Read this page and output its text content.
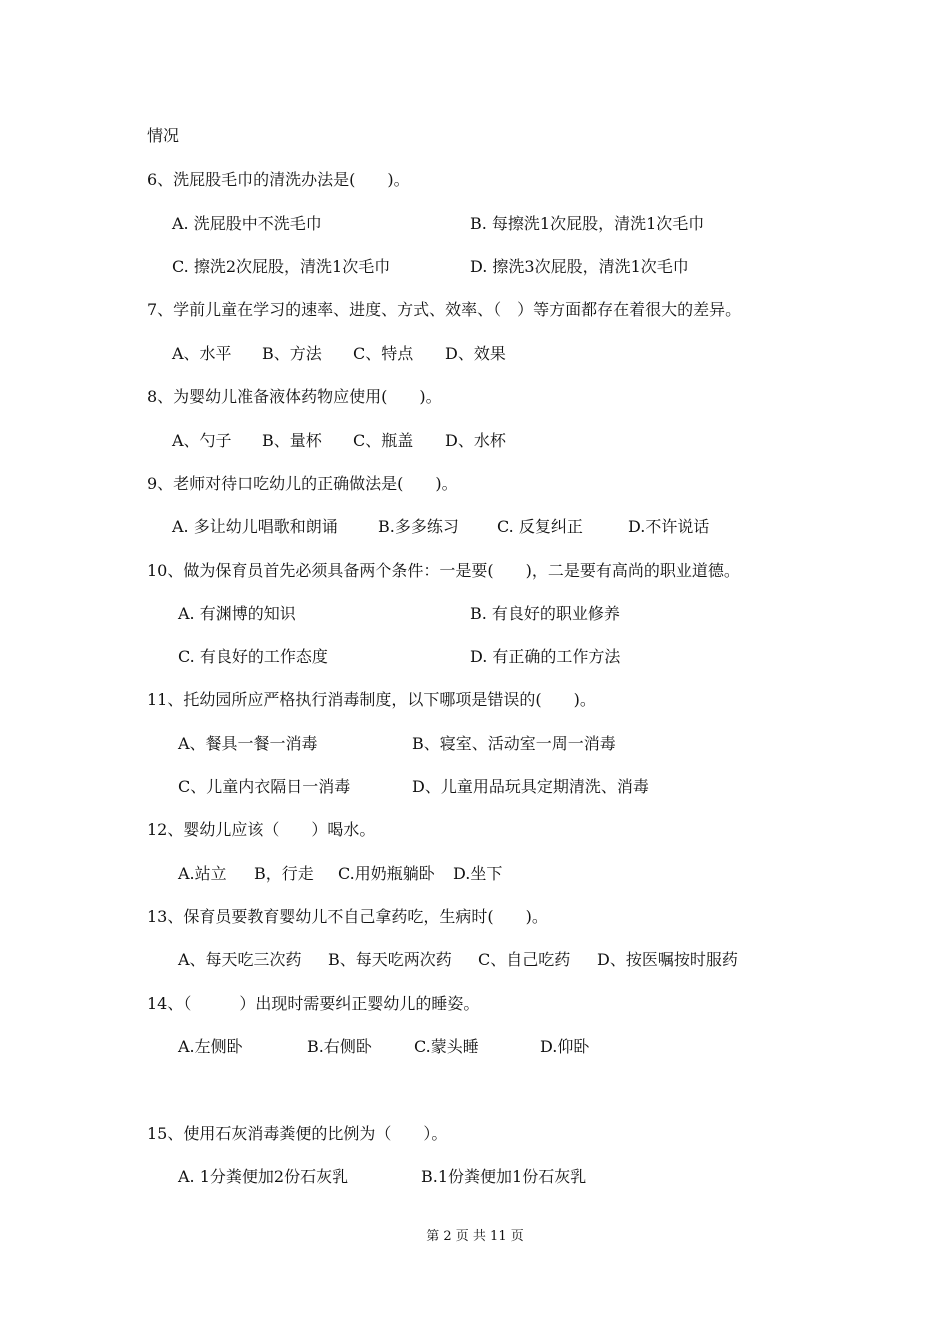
情况
6、洗屁股毛巾的清洗办法是(　　)。
A. 洗屁股中不洗毛巾	B. 每擦洗1次屁股，清洗1次毛巾
C. 擦洗2次屁股，清洗1次毛巾	D. 擦洗3次屁股，清洗1次毛巾
7、学前儿童在学习的速率、进度、方式、效率、（　）等方面都存在着很大的差异。
A、水平 B、方法 C、特点 D、效果
8、为婴幼儿准备液体药物应使用(　　)。
A、勺子 B、量杯 C、瓶盖 D、水杯
9、老师对待口吃幼儿的正确做法是(　　)。
A. 多让幼儿唱歌和朗诵	B.多多练习 C. 反复纠正	D.不许说话
10、做为保育员首先必须具备两个条件：一是要(　　)，二是要有高尚的职业道德。
A. 有渊博的知识	B. 有良好的职业修养
C. 有良好的工作态度	D. 有正确的工作方法
11、托幼园所应严格执行消毒制度，以下哪项是错误的(　　)。
A、餐具一餐一消毒	B、寝室、活动室一周一消毒
C、儿童内衣隔日一消毒	D、儿童用品玩具定期清洗、消毒
12、婴幼儿应该（　　）喝水。
A.站立 B，行走 C.用奶瓶躺卧 D.坐下
13、保育员要教育婴幼儿不自己拿药吃，生病时(　　)。
A、每天吃三次药 B、每天吃两次药 C、自己吃药 D、按医嘱按时服药
14、（　　　）出现时需要纠正婴幼儿的睡姿。
A.左侧卧	B.右侧卧	C.蒙头睡	D.仰卧
15、使用石灰消毒粪便的比例为（　　）。
A. 1分粪便加2份石灰乳	B.1份粪便加1份石灰乳
第 2 页 共 11 页
